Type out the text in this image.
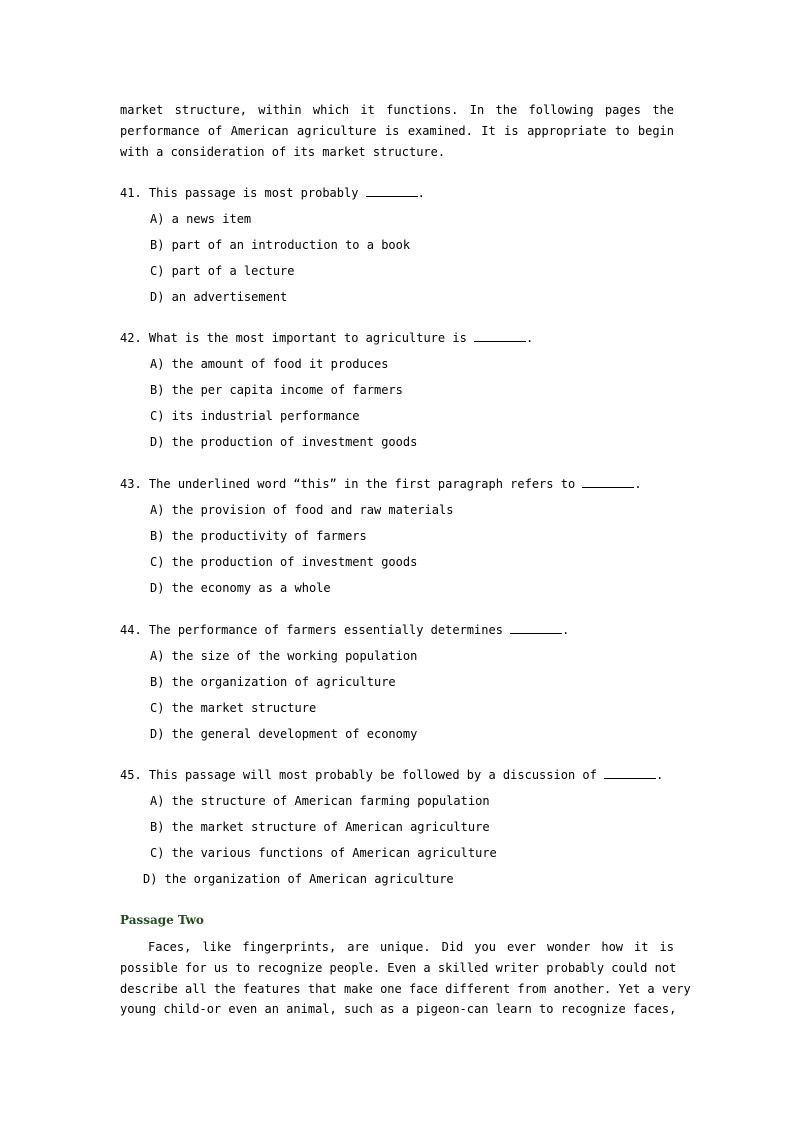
market structure, within which it functions. In the following pages the
performance of American agriculture is examined. It is appropriate to begin
with a consideration of its market structure.
41. This passage is most probably	.
A) a news item
B) part of an introduction to a book
C) part of a lecture
D) an advertisement
42. What is the most important to agriculture is	.
A) the amount of food it produces
B) the per capita income of farmers
C) its industrial performance
D) the production of investment goods
43. The underlined word “this” in the first paragraph refers to	.
A) the provision of food and raw materials
B) the productivity of farmers
C) the production of investment goods
D) the economy as a whole
44. The performance of farmers essentially determines	.
A) the size of the working population
B) the organization of agriculture
C) the market structure
D) the general development of economy
45. This passage will most probably be followed by a discussion of	.
A) the structure of American farming population
B) the market structure of American agriculture
C) the various functions of American agriculture
D) the organization of American agriculture
Passage Two
Faces, like fingerprints, are unique. Did you ever wonder how it is
possible for us to recognize people. Even a skilled writer probably could not
describe all the features that make one face different from another. Yet a very
young child-or even an animal, such as a pigeon-can learn to recognize faces,
